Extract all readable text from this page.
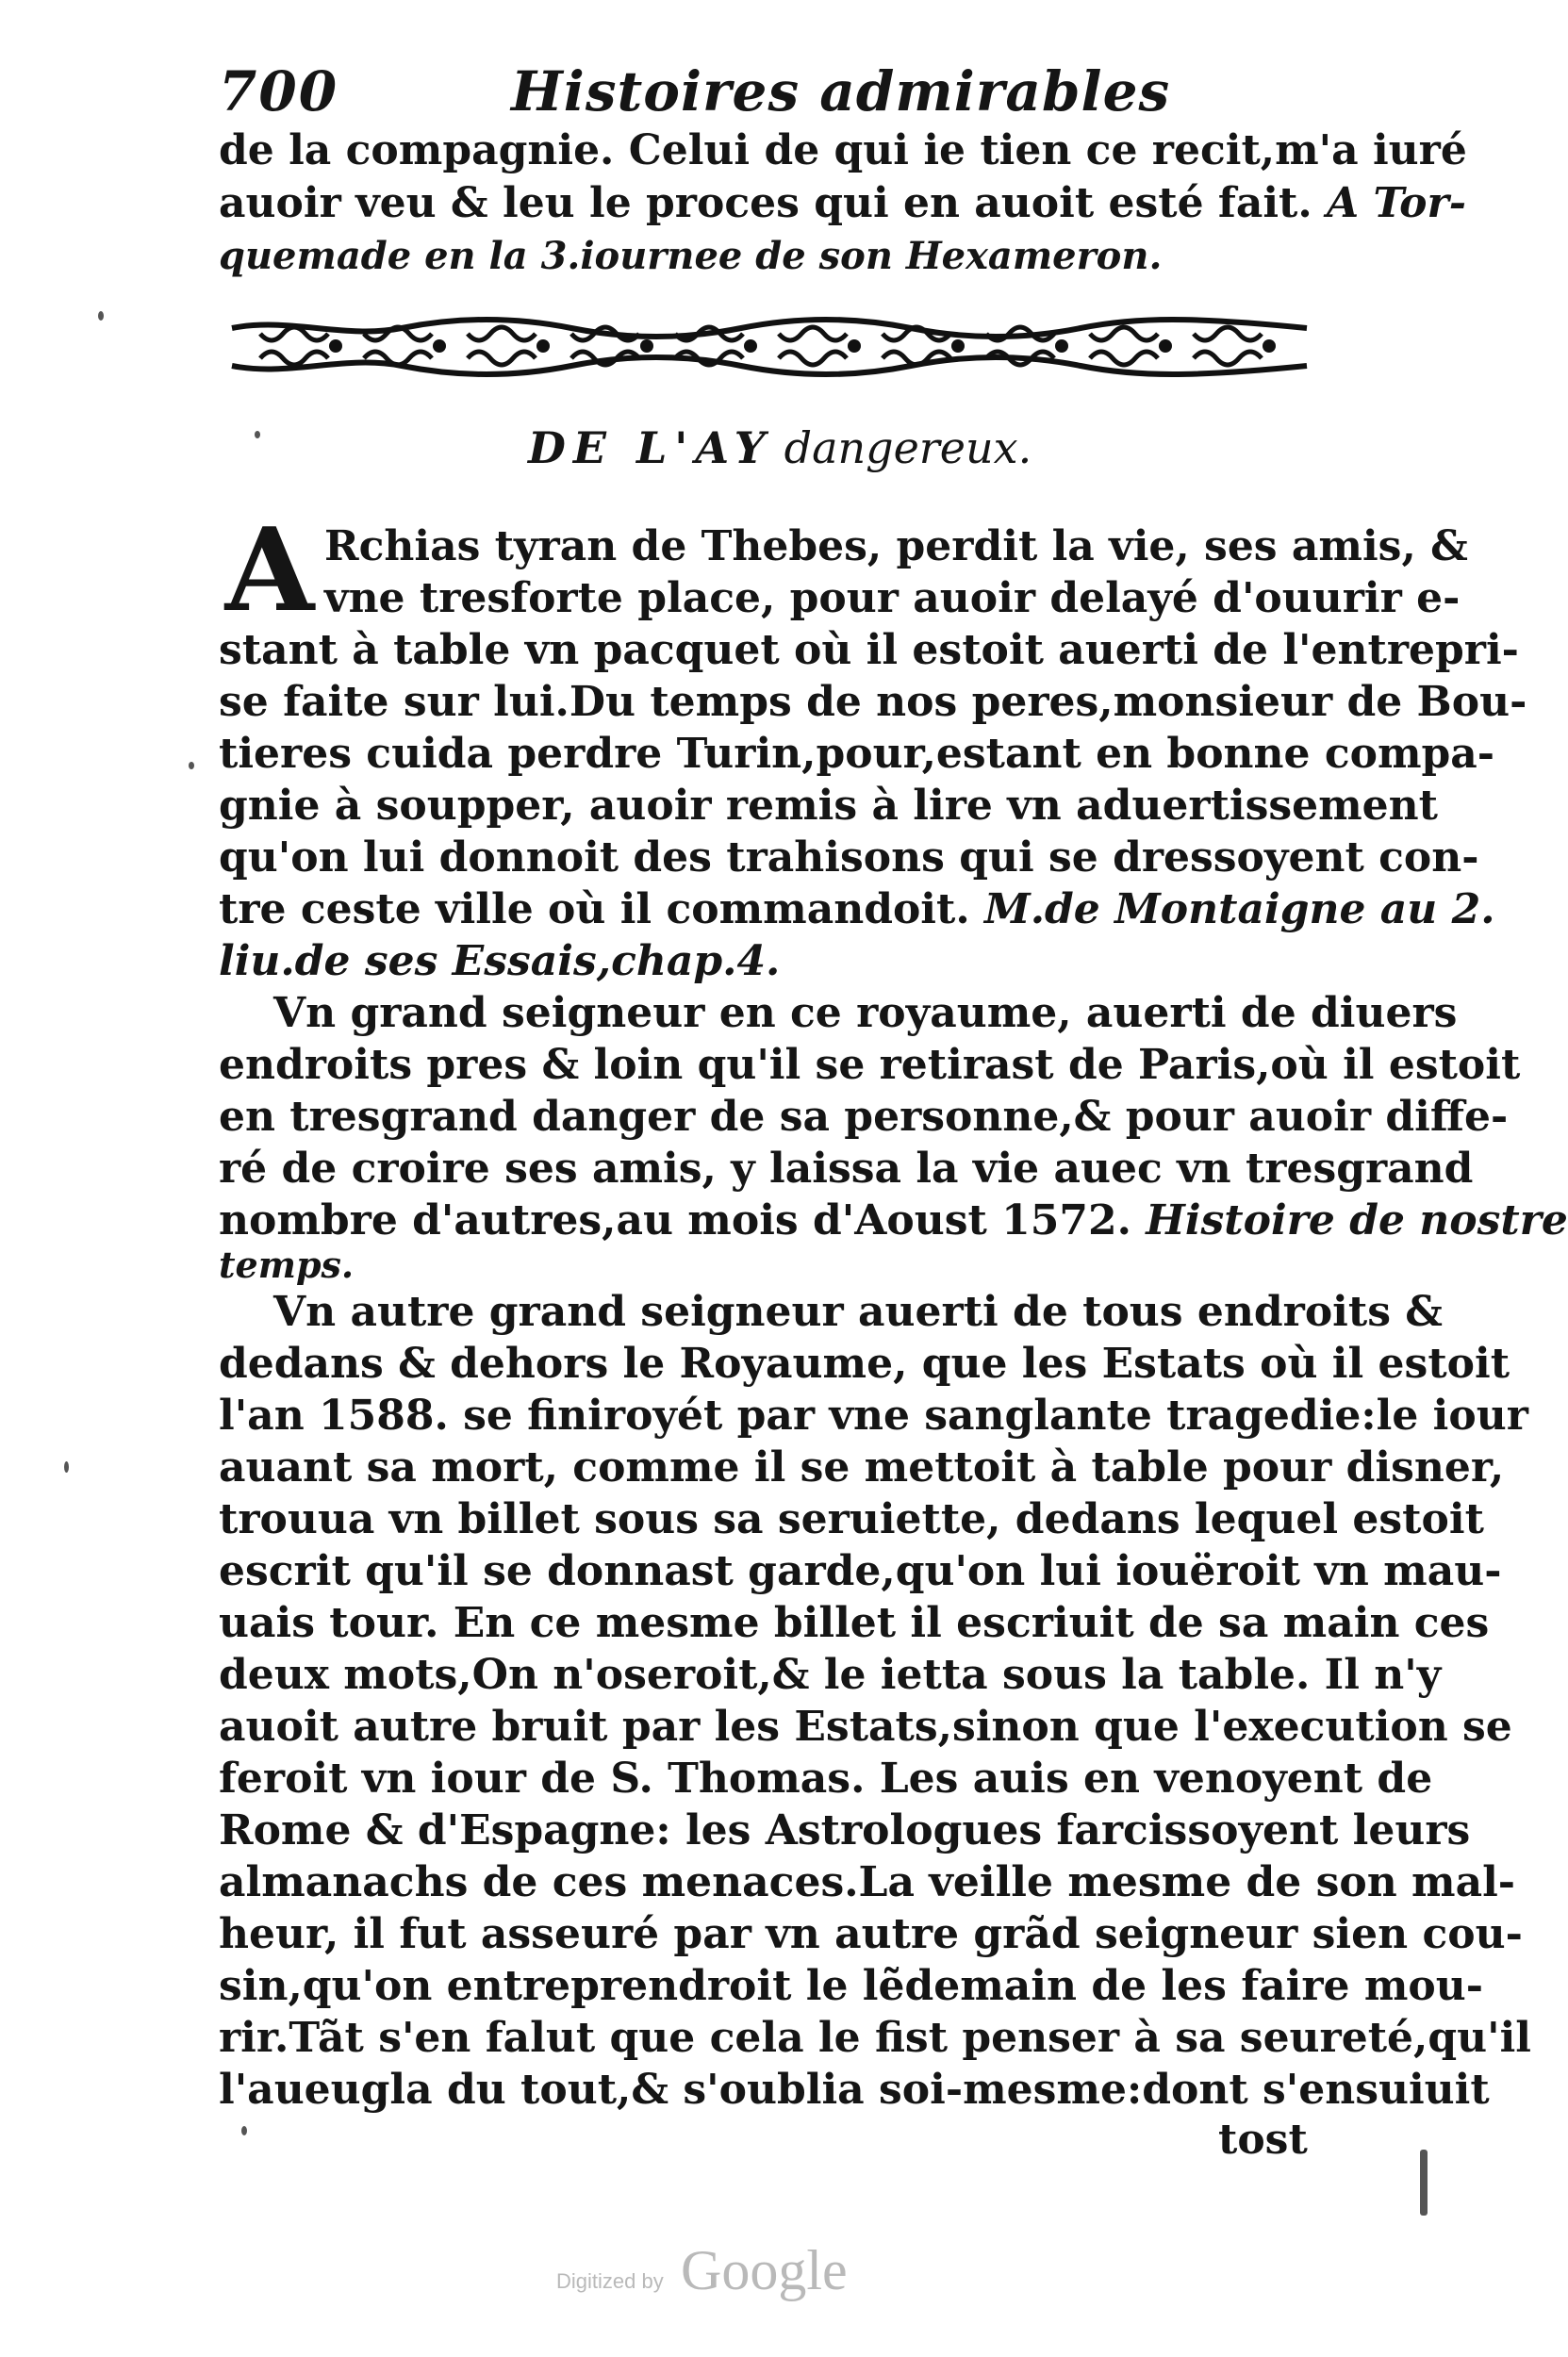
700	Histoires admirables
de la compagnie. Celui de qui ie tien ce recit,m'a iuré
auoir veu & leu le proces qui en auoit esté fait. A Tor-
quemade en la 3.iournee de son Hexameron.
DE L'AY dangereux.
A Rchias tyran de Thebes, perdit la vie, ses amis, &
vne tresforte place, pour auoir delayé d'ouurir e-
stant à table vn pacquet où il estoit auerti de l'entrepri-
se faite sur lui.Du temps de nos peres,monsieur de Bou-
tieres cuida perdre Turin,pour,estant en bonne compa-
gnie à soupper, auoir remis à lire vn aduertissement
qu'on lui donnoit des trahisons qui se dressoyent con-
tre ceste ville où il commandoit. M.de Montaigne au 2.
liu.de ses Essais,chap.4.
Vn grand seigneur en ce royaume, auerti de diuers
endroits pres & loin qu'il se retirast de Paris,où il estoit
en tresgrand danger de sa personne,& pour auoir diffe-
ré de croire ses amis, y laissa la vie auec vn tresgrand
nombre d'autres,au mois d'Aoust 1572. Histoire de nostre
temps.
Vn autre grand seigneur auerti de tous endroits &
dedans & dehors le Royaume, que les Estats où il estoit
l'an 1588. se finiroyét par vne sanglante tragedie:le iour
auant sa mort, comme il se mettoit à table pour disner,
trouua vn billet sous sa seruiette, dedans lequel estoit
escrit qu'il se donnast garde,qu'on lui iouëroit vn mau-
uais tour. En ce mesme billet il escriuit de sa main ces
deux mots,On n'oseroit,& le ietta sous la table. Il n'y
auoit autre bruit par les Estats,sinon que l'execution se
feroit vn iour de S. Thomas. Les auis en venoyent de
Rome & d'Espagne: les Astrologues farcissoyent leurs
almanachs de ces menaces.La veille mesme de son mal-
heur, il fut asseuré par vn autre grãd seigneur sien cou-
sin,qu'on entreprendroit le lẽdemain de les faire mou-
rir.Tãt s'en falut que cela le fist penser à sa seureté,qu'il
l'aueugla du tout,& s'oublia soi-mesme:dont s'ensuiuit
tost
Digitized by Google
